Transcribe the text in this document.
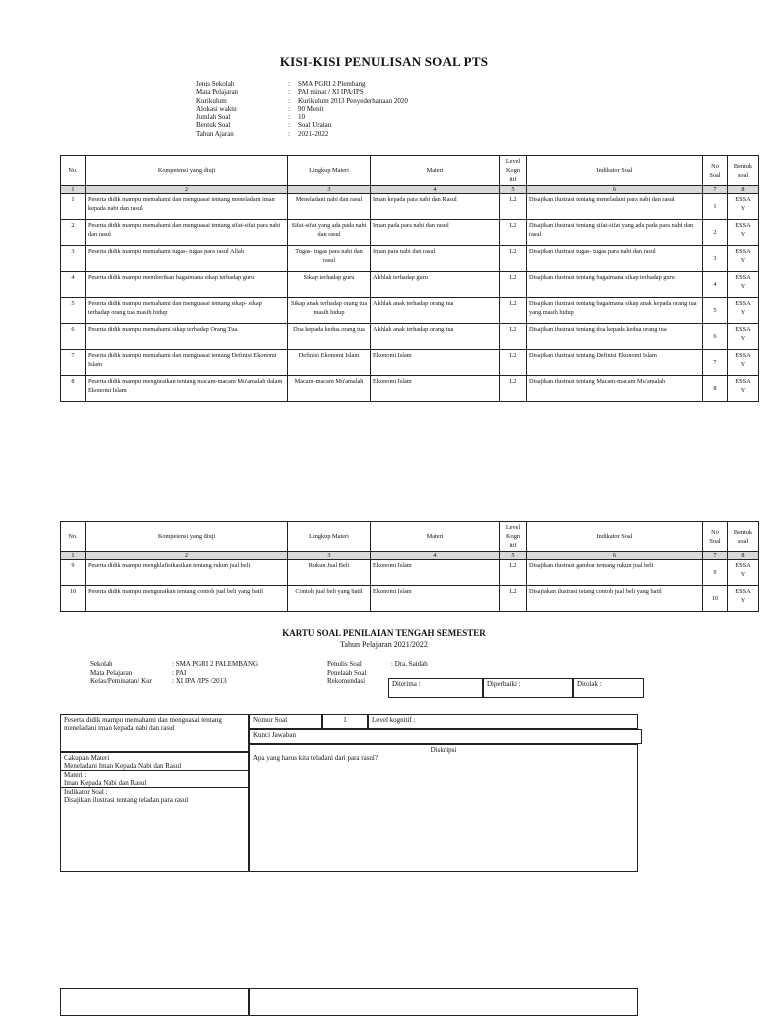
KISI-KISI PENULISAN SOAL PTS
Jenis Sekolah	:	SMA PGRI 2 Plembang
Mata Pelajaran	:	PAI minat / XI IPA/IPS
Kurikulum	:	Kurikulum 2013 Penyederhanaan 2020
Alokasi waktu	:	90 Menit
Jumlah Soal	:	10
Bentuk Soal	:	Soal Uraian
Tahun Ajaran	:	2021-2022
No.	Kompetensi yang diuji	Lingkup Materi	Materi	Level Kogn itif	Indikator Soal	No Soal	Bentuk soal
1	2	3	4	5	6	7	8
1	Peserta didik mampu memahami dan menguasai tentang meneladani iman kepada nabi dan rasul	Meneladani nabi dan rasul	Iman kepada para nabi dan Rasul	L2	Disajikan ilustrasi tentang meneladani para nabi dan rasul	1	ESSA
Y

2	Peserta didik mampu memahami dan menguasai tentang sifat-sifat para nabi dan rasul	Sifat-sifat yang ada pada nabi dan rasul	Iman pada para nabi dan rasul	L2	Disajikan ilustrasi tentang sifat-sifat yang ada pada para nabi dan rasul	2	ESSA
Y

3	Peserta didik mampu memahami tugas- tugas para rasul Allah	Tugas- tugas para nabi dan rasul	Iman para nabi dan rasul	L2	Disajikan ilustrasi tugas- tugas para nabi dan rasul	3	ESSA
Y

4	Peserta didik mampu memberikan bagaimana sikap terhadap guru	Sikap terhadap guru	Akhlak terhadap guru	L2	Disajikan ilustrasi tentang bagaimana sikap terhadap guru	4	ESSA
Y

5	Peserta didik mampu memahami dan menguasai tentang sikap- sikap terhadap orang tua masih hidup	Sikap anak terhadap orang tua masih hidup	Akhlak anak terhadap orang tua	L2	Disajikan ilustrasi tentang bagaimana sikap anak kepada orang tua yang masih hidup	5	ESSA
Y

6	Peserta didik mampu memahami sikap terhadap Orang Tua.	Doa kepada kedua orang tua	Akhlak anak terhadap orang tua	L2	Disajikan ilustrasi tentang doa kepada kedua orang tua	6	ESSA
Y

7	Peserta didik mampu memahami dan menguasai tentang Definisi Ekonomi Islam	Definisi Ekonomi Islam	Ekonomi Islam	L2	Disajikan ilustrasi tentang Definisi Ekonomi Islam	7	ESSA
Y

8	Peserta didik mampu menguraikan tentang macam-macam Mu'amalah dalam Ekonomi Islam	Macam-macam Mu'amalah	Ekonomi Islam	L2	Disajikan ilustrasi tentang Macam-macam Mu'amalah	8	ESSA
Y
No.	Kompetensi yang diuji	Lingkup Materi	Materi	Level Kogn itif	Indikator Soal	No Soal	Bentuk soal
1	2	3	4	5	6	7	8
9	Peserta didik mampu mengklafisikasikan tentang rukun jual beli	Rukun Jual Beli	Ekonomi Islam	L2	Disajikan ilustrasi gambar tentang rukun jual beli	9	ESSA
Y

10	Peserta didik mampu menguraikan tentang contoh jual beli yang batil	Contoh jual beli yang batil	Ekonomi Islam	L2	Disajiakan ilustrasi tetang contoh jual beli yang batil	10	ESSA
Y
KARTU SOAL PENILAIAN TENGAH SEMESTER
Tahun Pelajaran 2021/2022
Sekolah	: SMA PGRI 2 PALEMBANG
Mata Pelajaran	: PAI
Kelas/Peminatan/ Kur	: XI IPA /IPS /2013
Penulis Soal	: Dra. Saidah
Penelaah Soal
Rekomendasi	Diterima :	Diperbaiki :	Ditolak :
Peserta didik mampu memahami dan menguasai tentang meneladani iman kepada nabi dan rasul
Cakupan Materi
Meneladani Iman Kepada Nabi dan Rasul
Materi :
Iman Kepada Nabi dan Rasul
Indikator Soal :
Disajikan ilustrasi tentang teladan para rasul
Nomor Soal	1	Level kognitif :
Kunci Jawaban
Diskripsi
Apa yang harus kita teladani dari para rasul?
